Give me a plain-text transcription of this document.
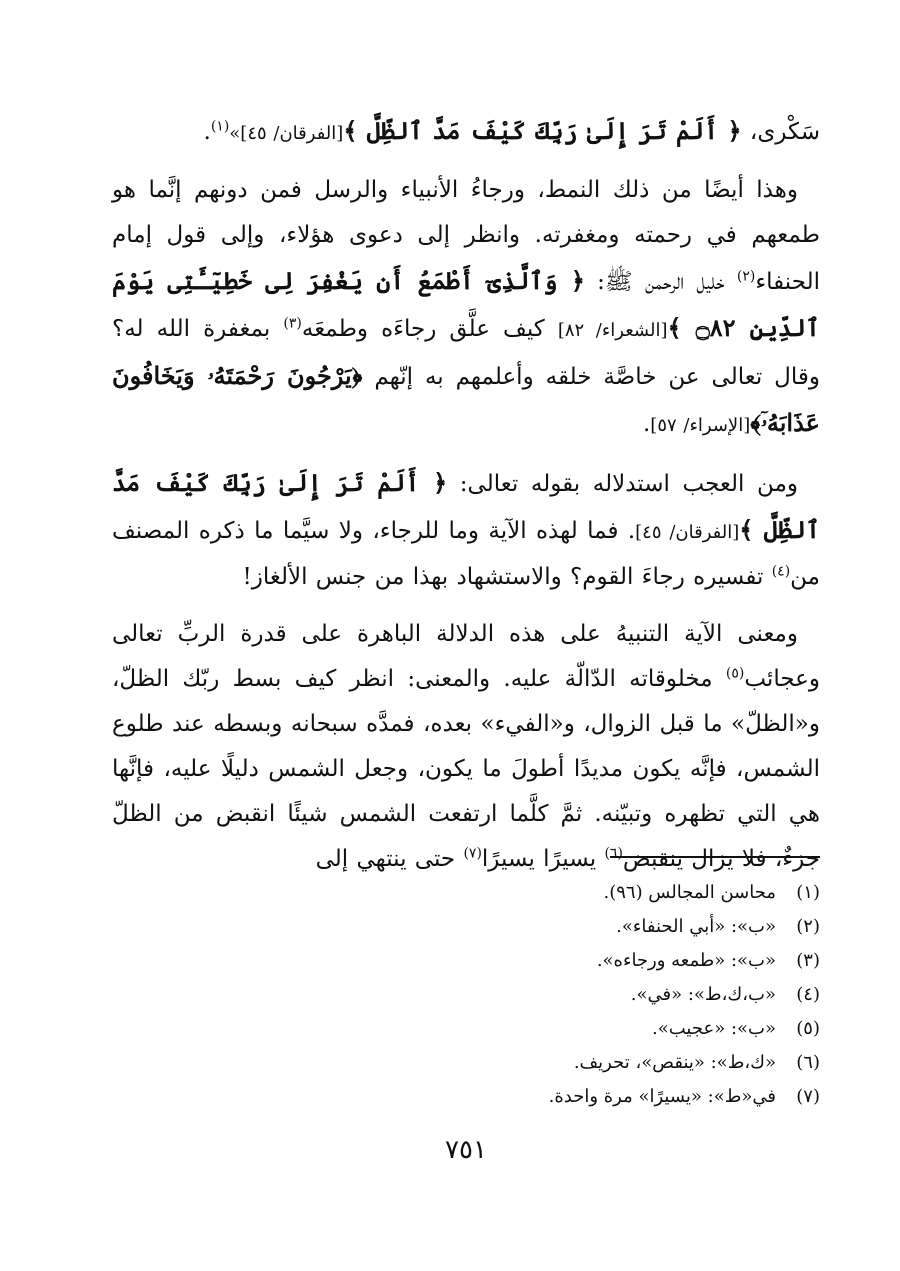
سَكْرى، ﴿ أَلَمْ تَرَ إِلَىٰ رَبِّكَ كَيْفَ مَدَّ ٱلظِّلَّ ﴾[الفرقان/ ٤٥]»$^{(١)}$.

وهذا أيضًا من ذلك النمط، ورجاءُ الأنبياء والرسل فمن دونهم إنَّما هو طمعهم في رحمته ومغفرته. وانظر إلى دعوى هؤلاء، وإلى قول إمام الحنفاء$^{(٢)}$ خليل الرحمن ﷺ: ﴿ وَٱلَّذِىٓ أَطْمَعُ أَن يَغْفِرَ لِى خَطِيٓـَٔتِى يَوْمَ ٱلدِّينِ ۝٨٢ ﴾[الشعراء/ ٨٢] كيف علَّق رجاءَه وطمعَه$^{(٣)}$ بمغفرة الله له؟ وقال تعالى عن خاصَّة خلقه وأعلمهم به إنّهم ﴿يَرْجُونَ رَحْمَتَهُۥ وَيَخَافُونَ عَذَابَهُۥٓ﴾[الإسراء/ ٥٧].

ومن العجب استدلاله بقوله تعالى: ﴿ أَلَمْ تَرَ إِلَىٰ رَبِّكَ كَيْفَ مَدَّ ٱلظِّلَّ ﴾[الفرقان/ ٤٥]. فما لهذه الآية وما للرجاء، ولا سيَّما ما ذكره المصنف من$^{(٤)}$ تفسيره رجاءَ القوم؟ والاستشهاد بهذا من جنس الألغاز!

ومعنى الآية التنبيهُ على هذه الدلالة الباهرة على قدرة الربِّ تعالى وعجائب$^{(٥)}$ مخلوقاته الدّالّة عليه. والمعنى: انظر كيف بسط ربّك الظلّ، و«الظلّ» ما قبل الزوال، و«الفيء» بعده، فمدَّه سبحانه وبسطه عند طلوع الشمس، فإنَّه يكون مديدًا أطولَ ما يكون، وجعل الشمس دليلًا عليه، فإنَّها هي التي تظهره وتبيّنه. ثمَّ كلَّما ارتفعت الشمس شيئًا انقبض من الظلّ جزءٌ، فلا يزال ينقبض$^{(٦)}$ يسيرًا يسيرًا$^{(٧)}$ حتى ينتهي إلى

(١)محاسن المجالس (٩٦).
(٢)«ب»: «أبي الحنفاء».
(٣)«ب»: «طمعه ورجاءه».
(٤)«ب،ك،ط»: «في».
(٥)«ب»: «عجيب».
(٦)«ك،ط»: «ينقص»، تحريف.
(٧)في«ط»: «يسيرًا» مرة واحدة.
٧٥١
